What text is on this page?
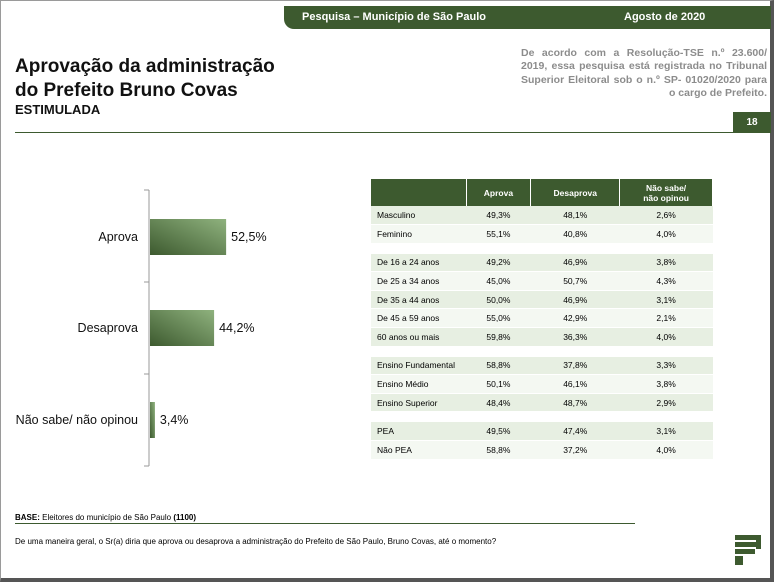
Pesquisa – Município de São Paulo	Agosto de 2020
Aprovação da administração
do Prefeito Bruno Covas
ESTIMULADA
De acordo com a Resolução-TSE n.º 23.600/ 2019, essa pesquisa está registrada no Tribunal Superior Eleitoral sob o n.º SP- 01020/2020 para o cargo de Prefeito.
18
Aprova	52,5%
Desaprova	44,2%
Não sabe/ não opinou 3,4%
	Aprova	Desaprova	Não sabe/
não opinou
Masculino	49,3%	48,1%	2,6%
Feminino	55,1%	40,8%	4,0%

De 16 a 24 anos	49,2%	46,9%	3,8%
De 25 a 34 anos	45,0%	50,7%	4,3%
De 35 a 44 anos	50,0%	46,9%	3,1%
De 45 a 59 anos	55,0%	42,9%	2,1%
60 anos ou mais	59,8%	36,3%	4,0%

Ensino Fundamental	58,8%	37,8%	3,3%
Ensino Médio	50,1%	46,1%	3,8%
Ensino Superior	48,4%	48,7%	2,9%

PEA	49,5%	47,4%	3,1%
Não PEA	58,8%	37,2%	4,0%
BASE: Eleitores do município de São Paulo (1100)
De uma maneira geral, o Sr(a) diria que aprova ou desaprova a administração do Prefeito de São Paulo, Bruno Covas, até o momento?
